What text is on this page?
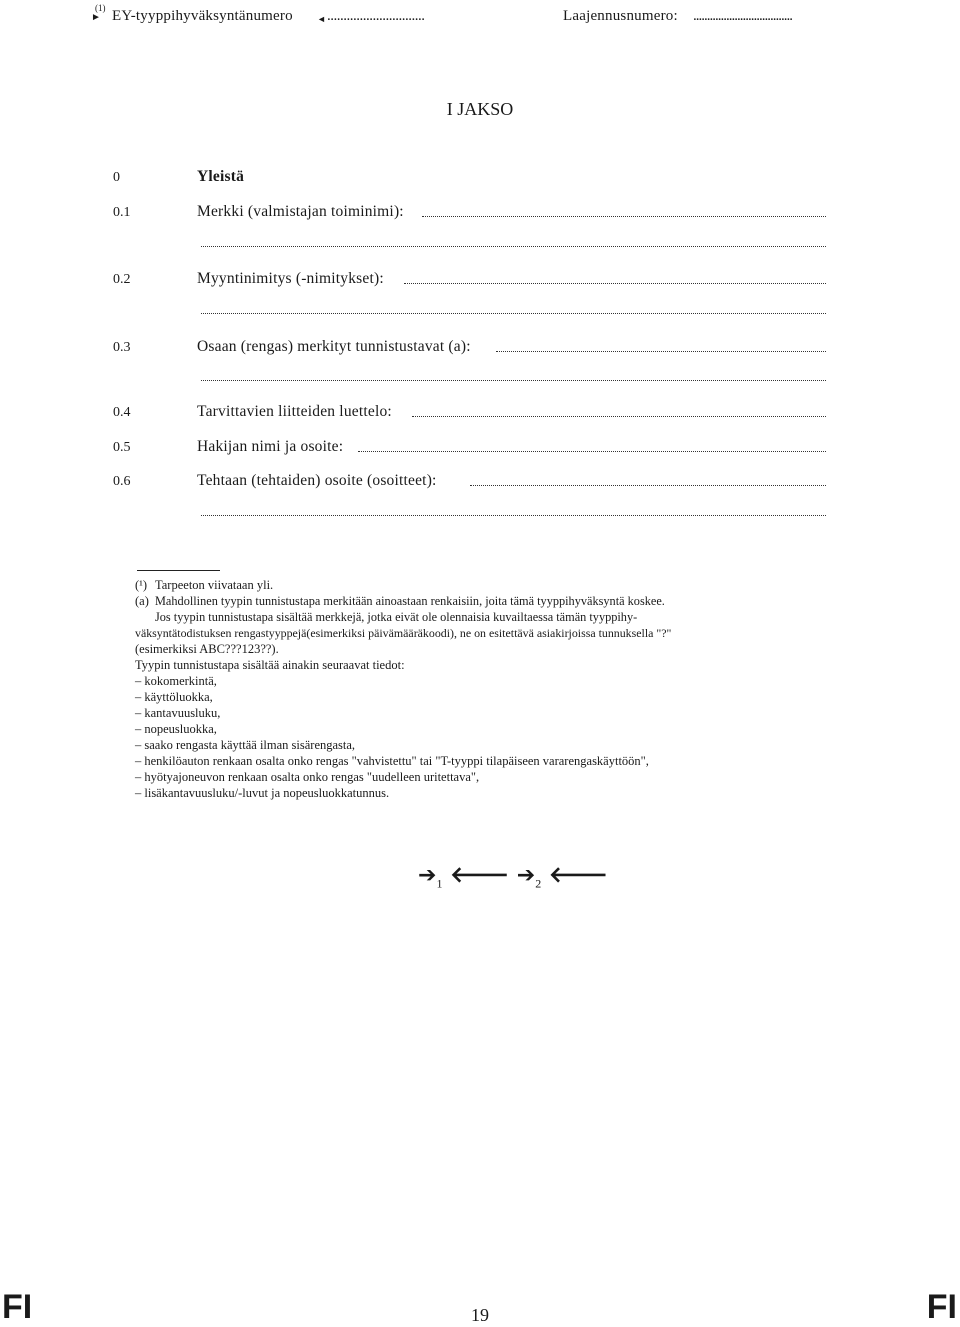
(1)
► EY-tyyppihyväksyntänumero	◄ ..............................	Laajennusnumero: ....................................
I JAKSO
0	Yleistä
0.1	Merkki (valmistajan toiminimi):
0.2	Myyntinimitys (-nimitykset):
0.3	Osaan (rengas) merkityt tunnistustavat (a):
0.4	Tarvittavien liitteiden luettelo:
0.5	Hakijan nimi ja osoite:
0.6	Tehtaan (tehtaiden) osoite (osoitteet):
(¹) Tarpeeton viivataan yli.
(a) Mahdollinen tyypin tunnistustapa merkitään ainoastaan renkaisiin, joita tämä tyyppihyväksyntä koskee.
Jos tyypin tunnistustapa sisältää merkkejä, jotka eivät ole olennaisia kuvailtaessa tämän tyyppihy-
väksyntätodistuksen rengastyyppejä(esimerkiksi päivämääräkoodi), ne on esitettävä asiakirjoissa tunnuksella "?"
(esimerkiksi ABC???123??).
Tyypin tunnistustapa sisältää ainakin seuraavat tiedot:
– kokomerkintä,
– käyttöluokka,
– kantavuusluku,
– nopeusluokka,
– saako rengasta käyttää ilman sisärengasta,
– henkilöauton renkaan osalta onko rengas "vahvistettu" tai "T-tyyppi tilapäiseen vararengaskäyttöön",
– hyötyajoneuvon renkaan osalta onko rengas "uudelleen uritettava",
– lisäkantavuusluku/-luvut ja nopeusluokkatunnus.
$➔_1$ 🡐 $➔_2$ 🡐
FI	19	FI
